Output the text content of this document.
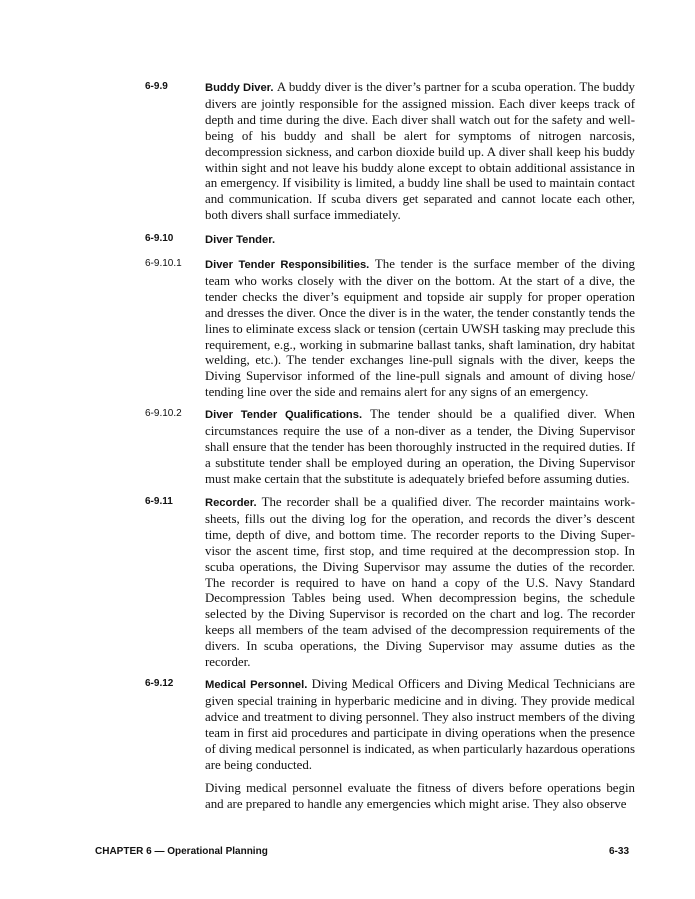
6-9.9	Buddy Diver. A buddy diver is the diver’s partner for a scuba operation. The buddy divers are jointly responsible for the assigned mission. Each diver keeps track of depth and time during the dive. Each diver shall watch out for the safety and well-being of his buddy and shall be alert for symptoms of nitrogen narcosis, decompression sickness, and carbon dioxide build up. A diver shall keep his buddy within sight and not leave his buddy alone except to obtain additional assistance in an emergency. If visibility is limited, a buddy line shall be used to maintain contact and communication. If scuba divers get separated and cannot locate each other, both divers shall surface immediately.
6-9.10	Diver Tender.
6-9.10.1	Diver Tender Responsibilities. The tender is the surface member of the diving team who works closely with the diver on the bottom. At the start of a dive, the tender checks the diver’s equipment and topside air supply for proper operation and dresses the diver. Once the diver is in the water, the tender constantly tends the lines to eliminate excess slack or tension (certain UWSH tasking may preclude this requirement, e.g., working in submarine ballast tanks, shaft lamination, dry habitat welding, etc.). The tender exchanges line-pull signals with the diver, keeps the Diving Supervisor informed of the line-pull signals and amount of diving hose/ tending line over the side and remains alert for any signs of an emergency.
6-9.10.2	Diver Tender Qualifications. The tender should be a qualified diver. When circumstances require the use of a non-diver as a tender, the Diving Supervisor shall ensure that the tender has been thoroughly instructed in the required duties. If a substitute tender shall be employed during an operation, the Diving Supervisor must make certain that the substitute is adequately briefed before assuming duties.
6-9.11	Recorder. The recorder shall be a qualified diver. The recorder maintains worksheets, fills out the diving log for the operation, and records the diver’s descent time, depth of dive, and bottom time. The recorder reports to the Diving Supervisor the ascent time, first stop, and time required at the decompression stop. In scuba operations, the Diving Supervisor may assume the duties of the recorder. The recorder is required to have on hand a copy of the U.S. Navy Standard Decompression Tables being used. When decompression begins, the schedule selected by the Diving Supervisor is recorded on the chart and log. The recorder keeps all members of the team advised of the decompression requirements of the divers. In scuba operations, the Diving Supervisor may assume duties as the recorder.
6-9.12	Medical Personnel. Diving Medical Officers and Diving Medical Technicians are given special training in hyperbaric medicine and in diving. They provide medical advice and treatment to diving personnel. They also instruct members of the diving team in first aid procedures and participate in diving operations when the presence of diving medical personnel is indicated, as when particularly hazardous operations are being conducted.
Diving medical personnel evaluate the fitness of divers before operations begin and are prepared to handle any emergencies which might arise. They also observe
CHAPTER 6 — Operational Planning	6-33
